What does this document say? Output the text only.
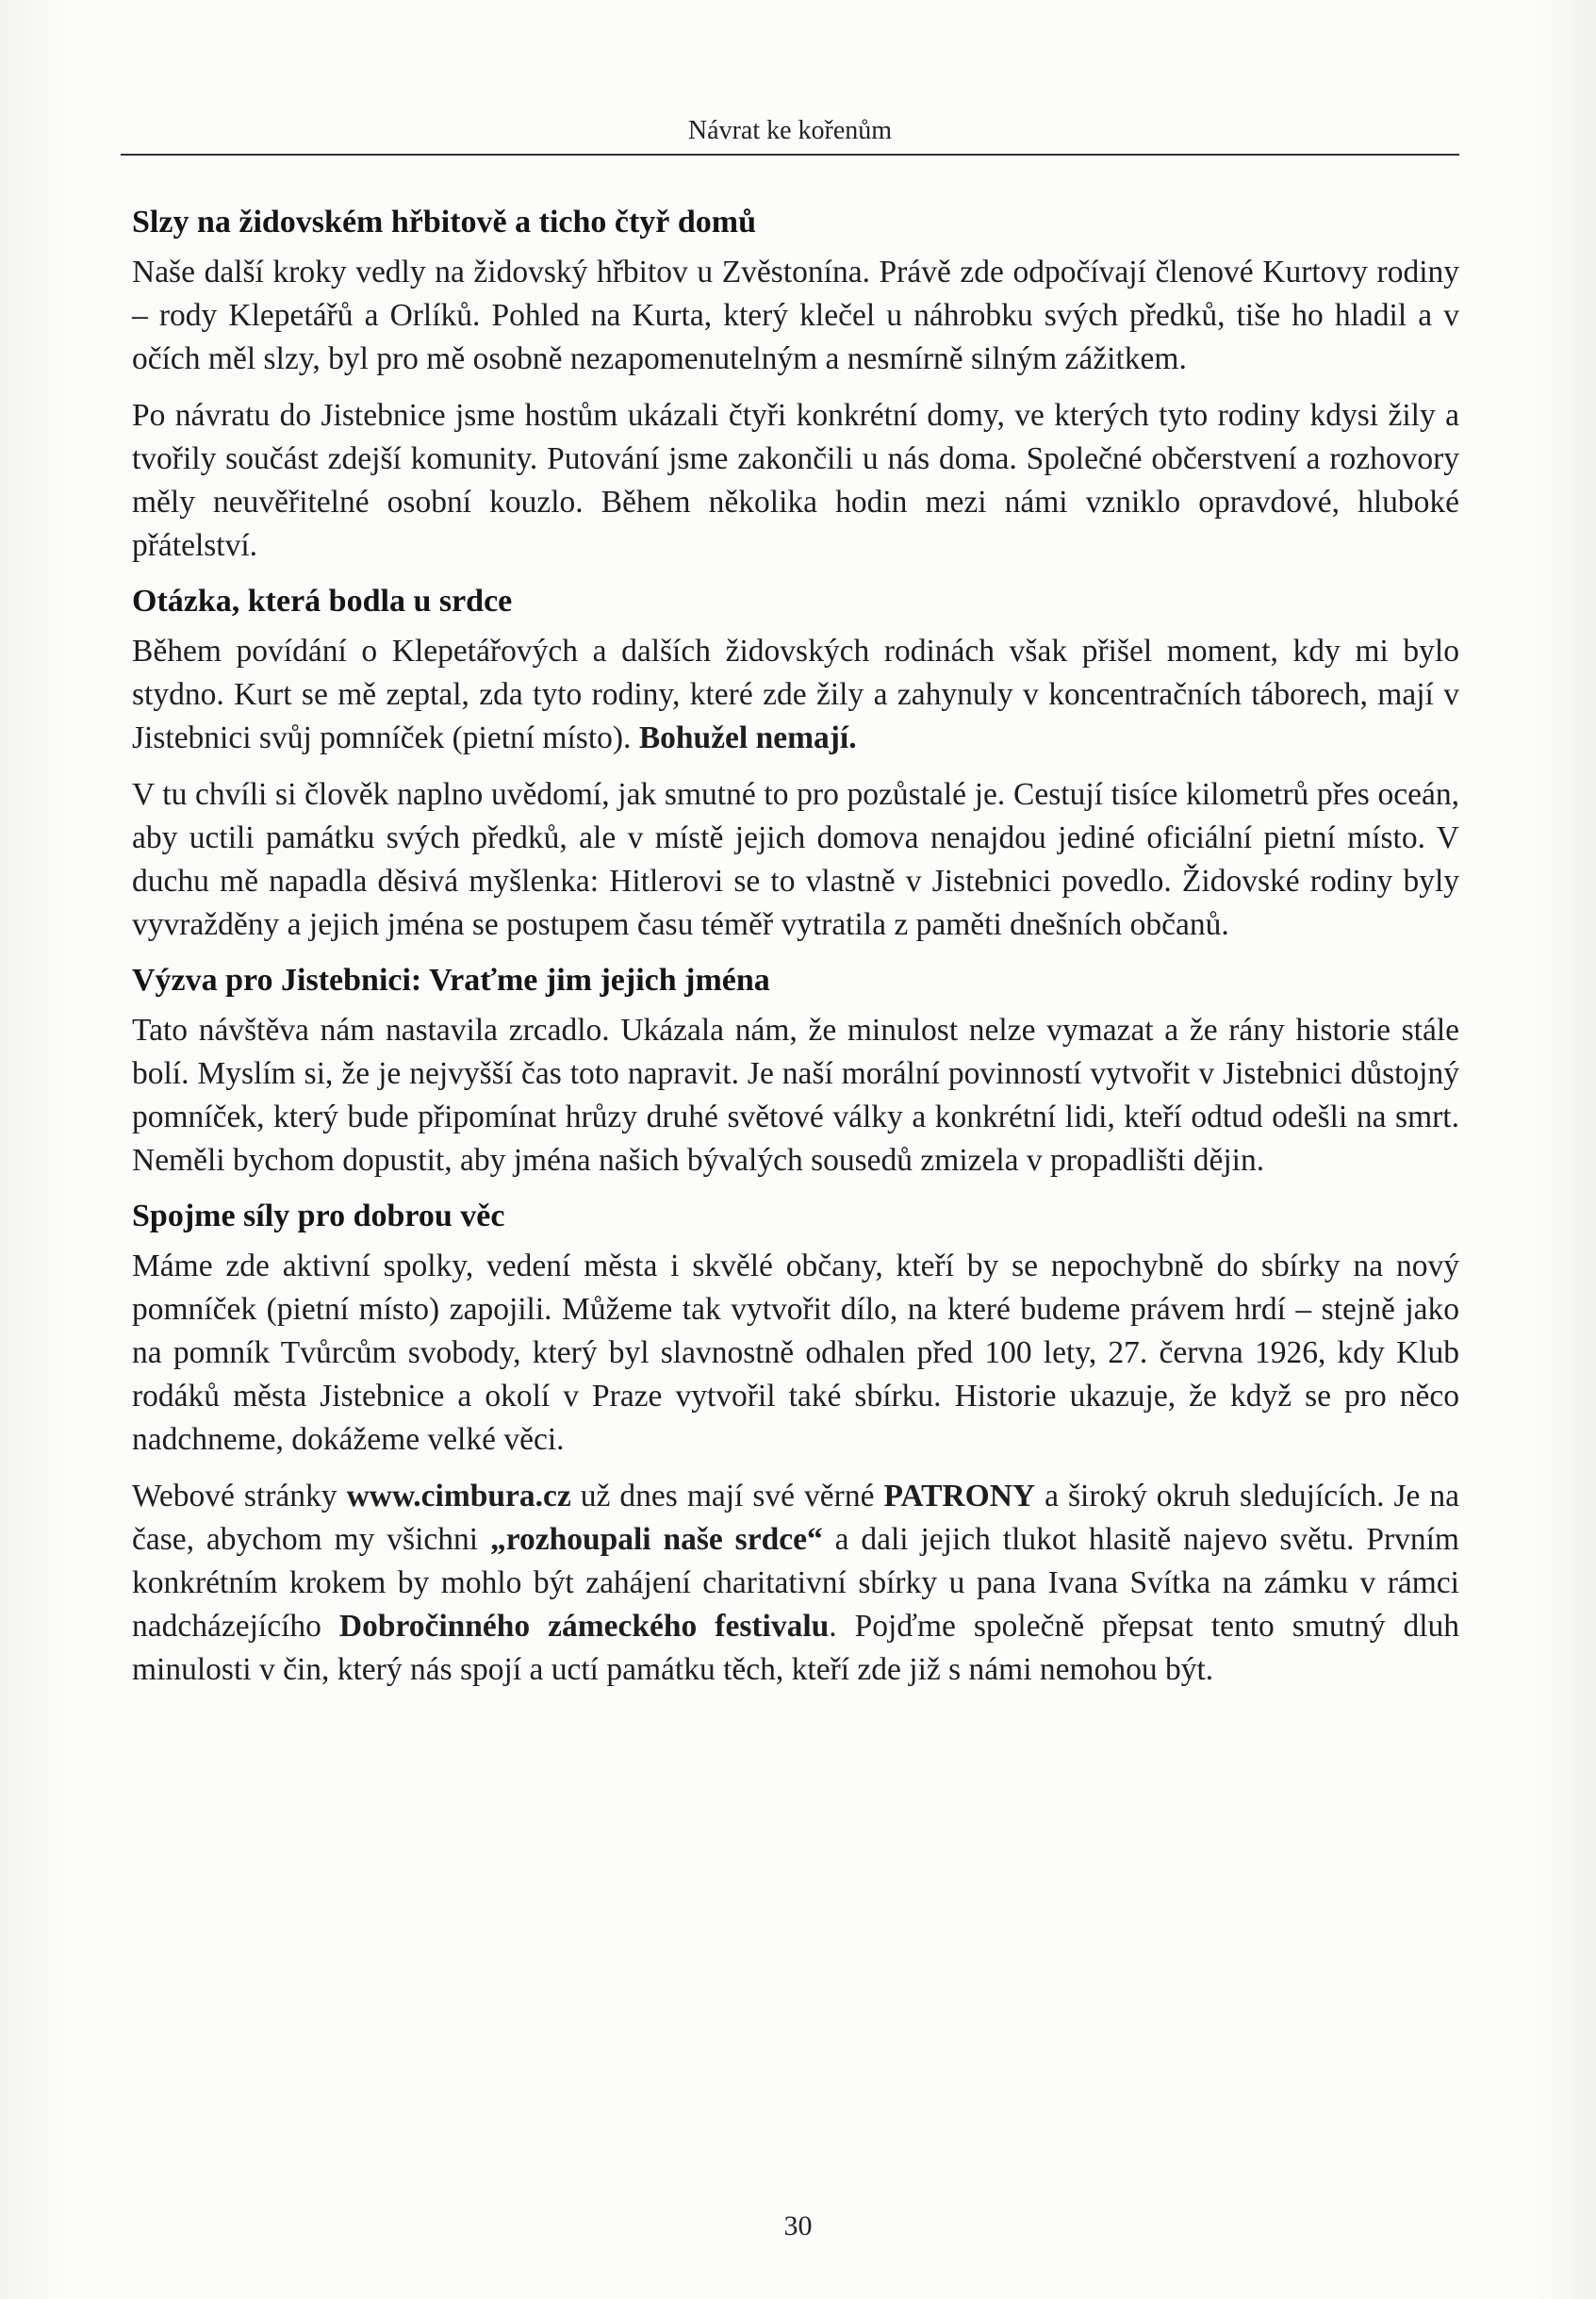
Návrat ke kořenům
Slzy na židovském hřbitově a ticho čtyř domů

Naše další kroky vedly na židovský hřbitov u Zvěstonína. Právě zde odpočívají členové Kurtovy rodiny – rody Klepetářů a Orlíků. Pohled na Kurta, který klečel u náhrobku svých předků, tiše ho hladil a v očích měl slzy, byl pro mě osobně nezapomenutelným a nesmírně silným zážitkem.

Po návratu do Jistebnice jsme hostům ukázali čtyři konkrétní domy, ve kterých tyto rodiny kdysi žily a tvořily součást zdejší komunity. Putování jsme zakončili u nás doma. Společné občerstvení a rozhovory měly neuvěřitelné osobní kouzlo. Během několika hodin mezi námi vzniklo opravdové, hluboké přátelství.

Otázka, která bodla u srdce

Během povídání o Klepetářových a dalších židovských rodinách však přišel moment, kdy mi bylo stydno. Kurt se mě zeptal, zda tyto rodiny, které zde žily a zahynuly v koncentračních táborech, mají v Jistebnici svůj pomníček (pietní místo). Bohužel nemají.

V tu chvíli si člověk naplno uvědomí, jak smutné to pro pozůstalé je. Cestují tisíce kilometrů přes oceán, aby uctili památku svých předků, ale v místě jejich domova nenajdou jediné oficiální pietní místo. V duchu mě napadla děsivá myšlenka: Hitlerovi se to vlastně v Jistebnici povedlo. Židovské rodiny byly vyvražděny a jejich jména se postupem času téměř vytratila z paměti dnešních občanů.

Výzva pro Jistebnici: Vraťme jim jejich jména

Tato návštěva nám nastavila zrcadlo. Ukázala nám, že minulost nelze vymazat a že rány historie stále bolí. Myslím si, že je nejvyšší čas toto napravit. Je naší morální povinností vytvořit v Jistebnici důstojný pomníček, který bude připomínat hrůzy druhé světové války a konkrétní lidi, kteří odtud odešli na smrt. Neměli bychom dopustit, aby jména našich bývalých sousedů zmizela v propadlišti dějin.

Spojme síly pro dobrou věc

Máme zde aktivní spolky, vedení města i skvělé občany, kteří by se nepochybně do sbírky na nový pomníček (pietní místo) zapojili. Můžeme tak vytvořit dílo, na které budeme právem hrdí – stejně jako na pomník Tvůrcům svobody, který byl slavnostně odhalen před 100 lety, 27. června 1926, kdy Klub rodáků města Jistebnice a okolí v Praze vytvořil také sbírku. Historie ukazuje, že když se pro něco nadchneme, dokážeme velké věci.

Webové stránky www.cimbura.cz už dnes mají své věrné PATRONY a široký okruh sledujících. Je na čase, abychom my všichni „rozhoupali naše srdce“ a dali jejich tlukot hlasitě najevo světu. Prvním konkrétním krokem by mohlo být zahájení charitativní sbírky u pana Ivana Svítka na zámku v rámci nadcházejícího Dobročinného zámeckého festivalu. Pojďme společně přepsat tento smutný dluh minulosti v čin, který nás spojí a uctí památku těch, kteří zde již s námi nemohou být.

30
